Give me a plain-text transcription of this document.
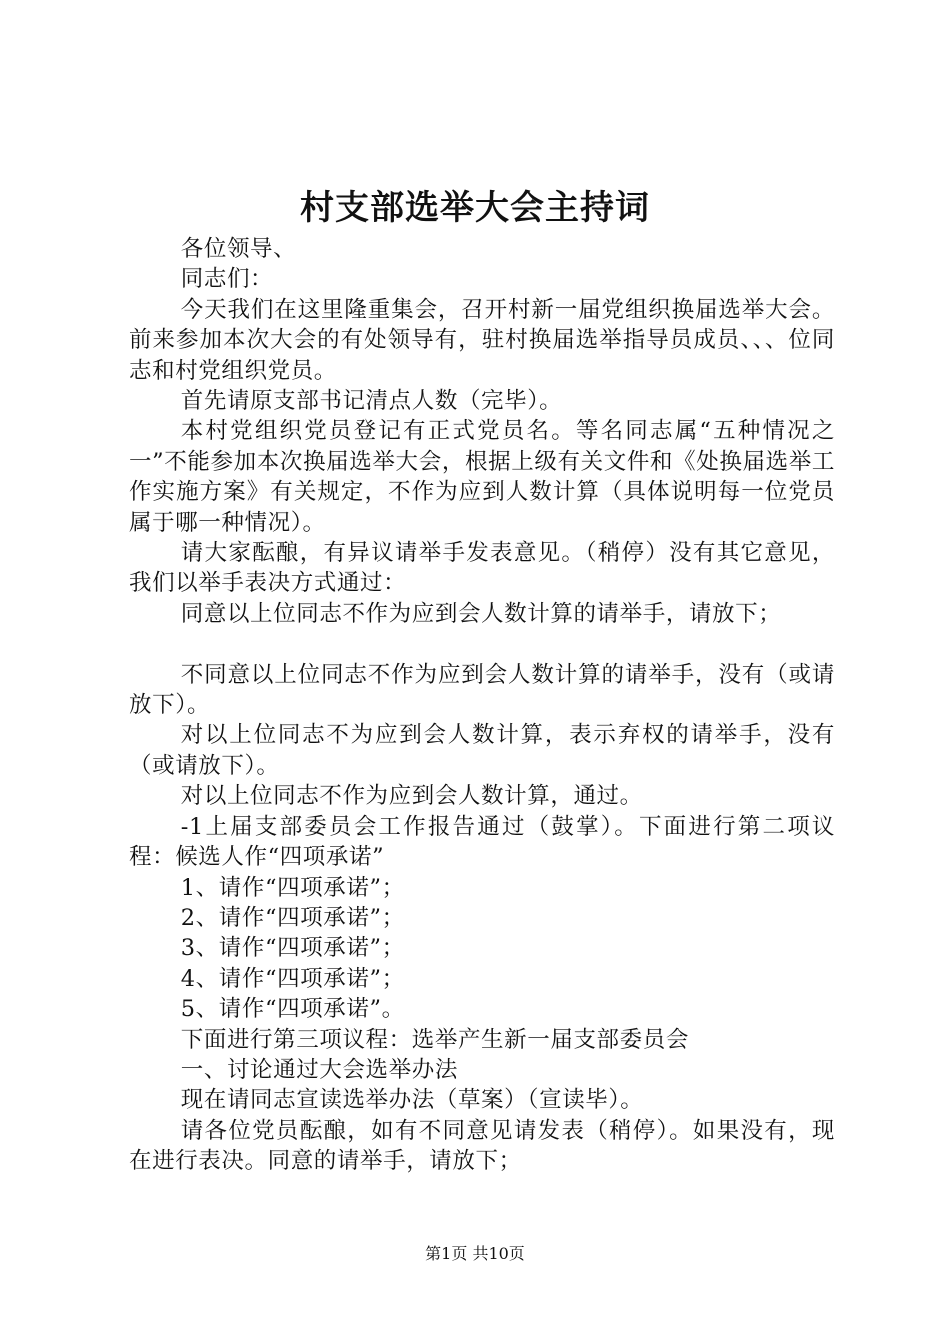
村支部选举大会主持词

各位领导、

同志们：

今天我们在这里隆重集会，召开村新一届党组织换届选举大会。前来参加本次大会的有处领导有，驻村换届选举指导员成员、、、位同志和村党组织党员。

首先请原支部书记清点人数（完毕）。

本村党组织党员登记有正式党员名。等名同志属“五种情况之一”不能参加本次换届选举大会，根据上级有关文件和《处换届选举工作实施方案》有关规定，不作为应到人数计算（具体说明每一位党员属于哪一种情况）。

请大家酝酿，有异议请举手发表意见。（稍停）没有其它意见，我们以举手表决方式通过：

同意以上位同志不作为应到会人数计算的请举手，请放下；

不同意以上位同志不作为应到会人数计算的请举手，没有（或请放下）。

对以上位同志不为应到会人数计算，表示弃权的请举手，没有（或请放下）。

对以上位同志不作为应到会人数计算，通过。

-1上届支部委员会工作报告通过（鼓掌）。下面进行第二项议程：候选人作“四项承诺”

1、请作“四项承诺”；

2、请作“四项承诺”；

3、请作“四项承诺”；

4、请作“四项承诺”；

5、请作“四项承诺”。

下面进行第三项议程：选举产生新一届支部委员会

一、讨论通过大会选举办法

现在请同志宣读选举办法（草案）（宣读毕）。

请各位党员酝酿，如有不同意见请发表（稍停）。如果没有，现在进行表决。同意的请举手，请放下；

第1页 共10页
